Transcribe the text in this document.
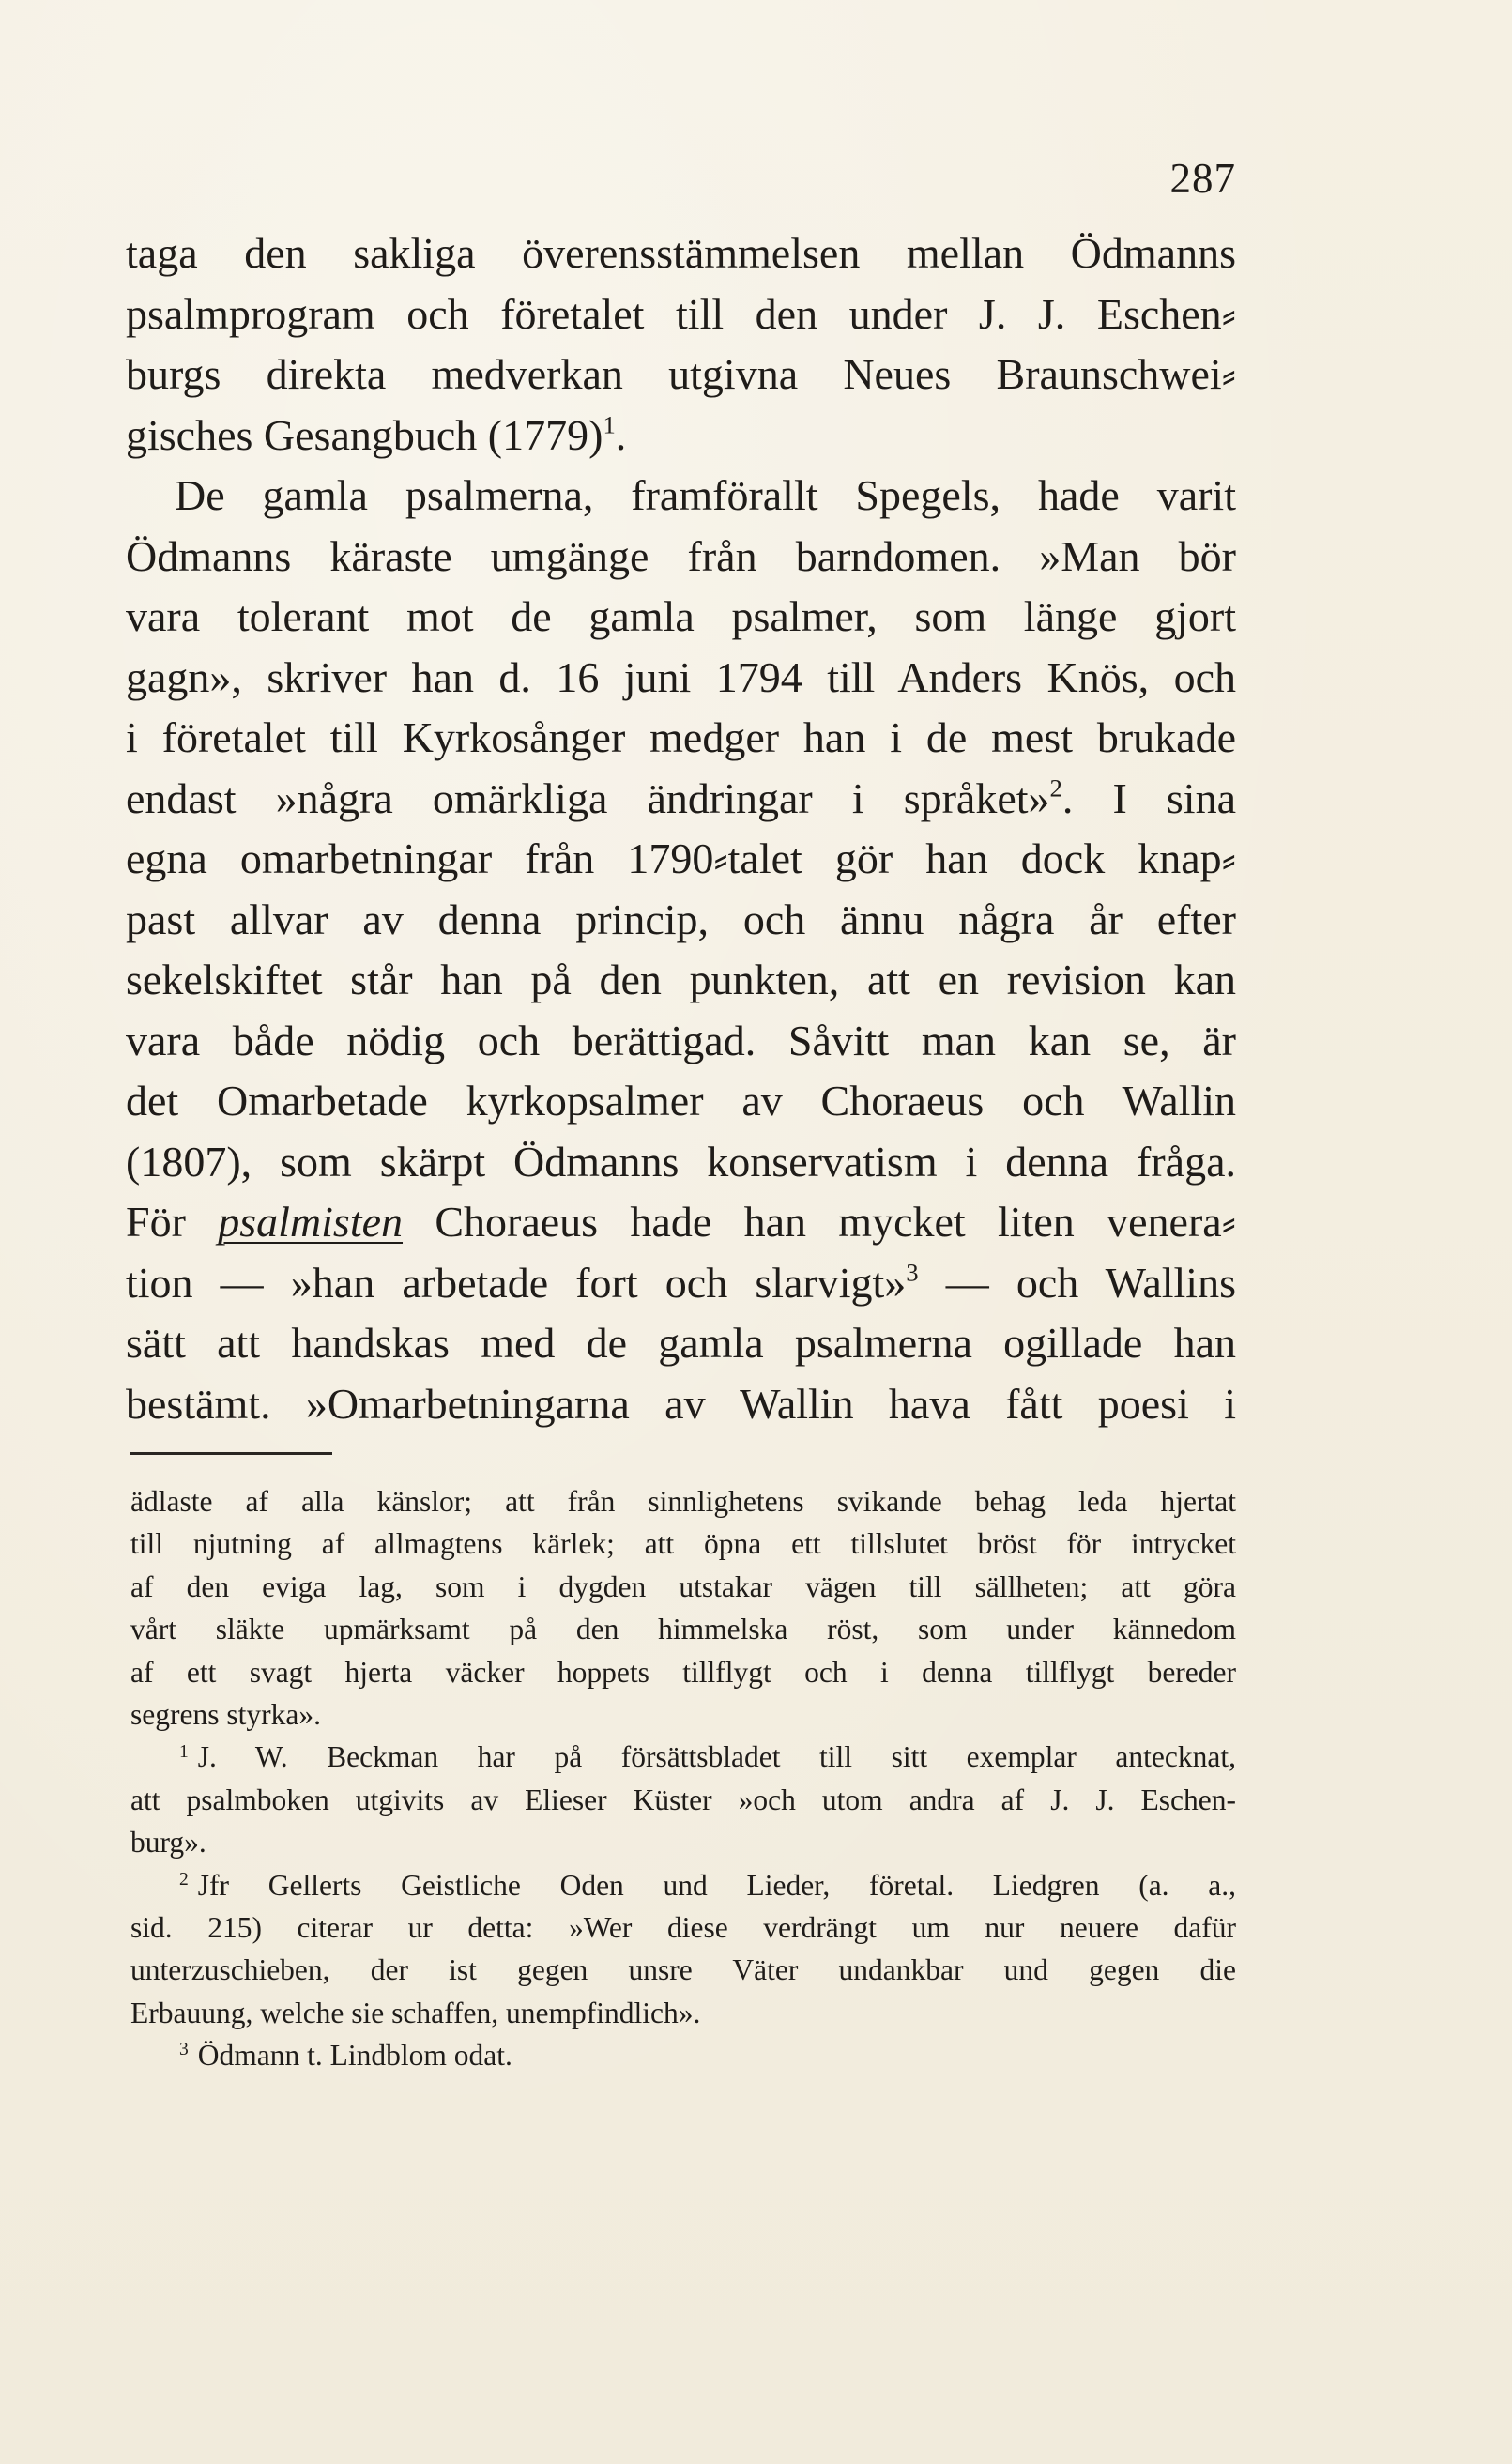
287
taga den sakliga överensstämmelsen mellan Ödmanns
psalmprogram och företalet till den under J. J. Eschen⸗
burgs direkta medverkan utgivna Neues Braunschwei⸗
gisches Gesangbuch $(1779)^1$.
De gamla psalmerna, framförallt Spegels, hade varit
Ödmanns käraste umgänge från barndomen. »Man bör
vara tolerant mot de gamla psalmer, som länge gjort
gagn», skriver han d. 16 juni 1794 till Anders Knös, och
i företalet till Kyrkosånger medger han i de mest brukade
endast »några omärkliga ändringar i språket»$^2$. I sina
egna omarbetningar från 1790⸗talet gör han dock knap⸗
past allvar av denna princip, och ännu några år efter
sekelskiftet står han på den punkten, att en revision kan
vara både nödig och berättigad. Såvitt man kan se, är
det Omarbetade kyrkopsalmer av Choraeus och Wallin
(1807), som skärpt Ödmanns konservatism i denna fråga.
För psalmisten Choraeus hade han mycket liten venera⸗
tion — »han arbetade fort och slarvigt»$^3$ — och Wallins
sätt att handskas med de gamla psalmerna ogillade han
bestämt. »Omarbetningarna av Wallin hava fått poesi i
ädlaste af alla känslor; att från sinnlighetens svikande behag leda hjertat
till njutning af allmagtens kärlek; att öpna ett tillslutet bröst för intrycket
af den eviga lag, som i dygden utstakar vägen till sällheten; att göra
vårt släkte upmärksamt på den himmelska röst, som under kännedom
af ett svagt hjerta väcker hoppets tillflygt och i denna tillflygt bereder
segrens styrka».
$^1$ J. W. Beckman har på försättsbladet till sitt exemplar antecknat,
att psalmboken utgivits av Elieser Küster »och utom andra af J. J. Eschen-
burg».
$^2$ Jfr Gellerts Geistliche Oden und Lieder, företal. Liedgren (a. a.,
sid. 215) citerar ur detta: »Wer diese verdrängt um nur neuere dafür
unterzuschieben, der ist gegen unsre Väter undankbar und gegen die
Erbauung, welche sie schaffen, unempfindlich».
$^3$ Ödmann t. Lindblom odat.
